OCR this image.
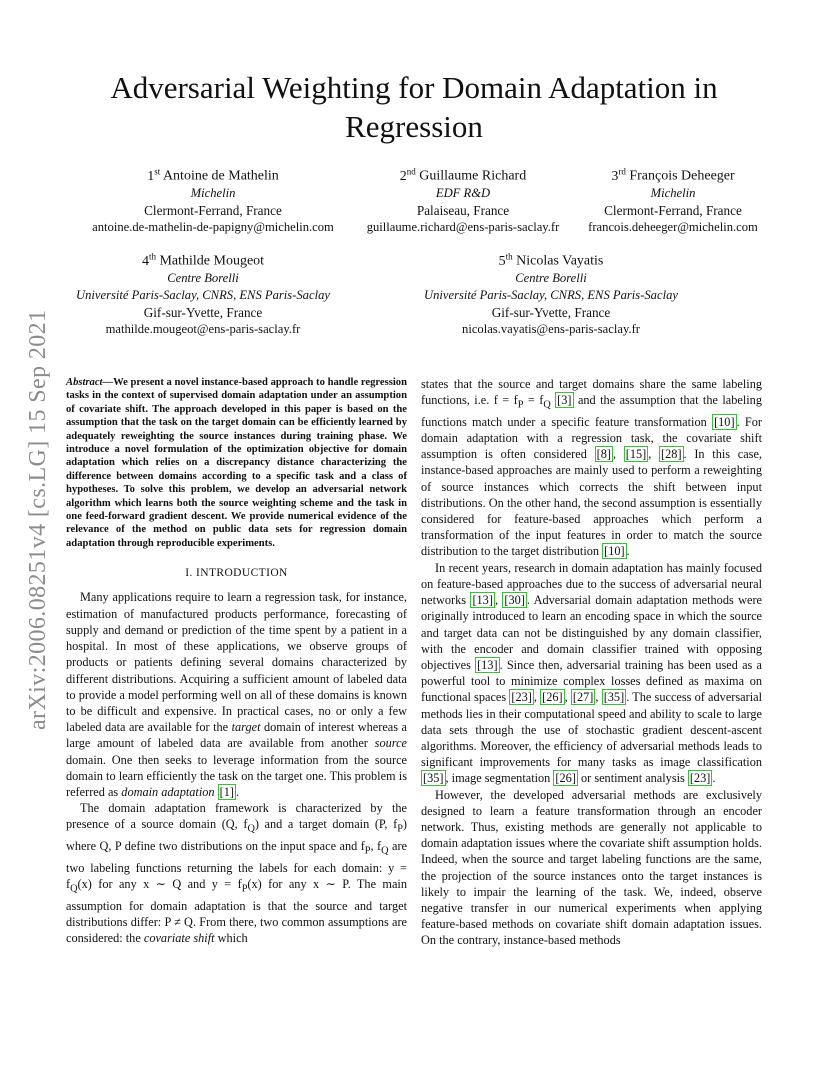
arXiv:2006.08251v4 [cs.LG] 15 Sep 2021
Adversarial Weighting for Domain Adaptation in Regression
1st Antoine de Mathelin
Michelin
Clermont-Ferrand, France
antoine.de-mathelin-de-papigny@michelin.com
2nd Guillaume Richard
EDF R&D
Palaiseau, France
guillaume.richard@ens-paris-saclay.fr
3rd François Deheeger
Michelin
Clermont-Ferrand, France
francois.deheeger@michelin.com
4th Mathilde Mougeot
Centre Borelli
Université Paris-Saclay, CNRS, ENS Paris-Saclay
Gif-sur-Yvette, France
mathilde.mougeot@ens-paris-saclay.fr
5th Nicolas Vayatis
Centre Borelli
Université Paris-Saclay, CNRS, ENS Paris-Saclay
Gif-sur-Yvette, France
nicolas.vayatis@ens-paris-saclay.fr

Abstract—We present a novel instance-based approach to handle regression tasks in the context of supervised domain adaptation under an assumption of covariate shift. The approach developed in this paper is based on the assumption that the task on the target domain can be efficiently learned by adequately reweighting the source instances during training phase. We introduce a novel formulation of the optimization objective for domain adaptation which relies on a discrepancy distance characterizing the difference between domains according to a specific task and a class of hypotheses. To solve this problem, we develop an adversarial network algorithm which learns both the source weighting scheme and the task in one feed-forward gradient descent. We provide numerical evidence of the relevance of the method on public data sets for regression domain adaptation through reproducible experiments.

I. INTRODUCTION

Many applications require to learn a regression task, for instance, estimation of manufactured products performance, forecasting of supply and demand or prediction of the time spent by a patient in a hospital. In most of these applications, we observe groups of products or patients defining several domains characterized by different distributions. Acquiring a sufficient amount of labeled data to provide a model performing well on all of these domains is known to be difficult and expensive. In practical cases, no or only a few labeled data are available for the target domain of interest whereas a large amount of labeled data are available from another source domain. One then seeks to leverage information from the source domain to learn efficiently the task on the target one. This problem is referred as domain adaptation [1] .

The domain adaptation framework is characterized by the presence of a source domain (Q, $f_Q$) and a target domain (P, $f_P$) where Q, P define two distributions on the input space and $f_P$, $f_Q$ are two labeling functions returning the labels for each domain: $y = f_Q(x)$ for any x ∼ Q and $y = f_P(x)$ for any x ∼ P. The main assumption for domain adaptation is that the source and target distributions differ: P ≠ Q. From there, two common assumptions are considered: the covariate shift which

states that the source and target domains share the same labeling functions, i.e. $f = f_P = f_Q$ [3] and the assumption that the labeling functions match under a specific feature transformation [10] . For domain adaptation with a regression task, the covariate shift assumption is often considered [8] , [15] , [28] . In this case, instance-based approaches are mainly used to perform a reweighting of source instances which corrects the shift between input distributions. On the other hand, the second assumption is essentially considered for feature-based approaches which perform a transformation of the input features in order to match the source distribution to the target distribution [10] .

In recent years, research in domain adaptation has mainly focused on feature-based approaches due to the success of adversarial neural networks [13] , [30] . Adversarial domain adaptation methods were originally introduced to learn an encoding space in which the source and target data can not be distinguished by any domain classifier, with the encoder and domain classifier trained with opposing objectives [13] . Since then, adversarial training has been used as a powerful tool to minimize complex losses defined as maxima on functional spaces [23] , [26] , [27] , [35] . The success of adversarial methods lies in their computational speed and ability to scale to large data sets through the use of stochastic gradient descent-ascent algorithms. Moreover, the efficiency of adversarial methods leads to significant improvements for many tasks as image classification [35] , image segmentation [26] or sentiment analysis [23] .

However, the developed adversarial methods are exclusively designed to learn a feature transformation through an encoder network. Thus, existing methods are generally not applicable to domain adaptation issues where the covariate shift assumption holds. Indeed, when the source and target labeling functions are the same, the projection of the source instances onto the target instances is likely to impair the learning of the task. We, indeed, observe negative transfer in our numerical experiments when applying feature-based methods on covariate shift domain adaptation issues. On the contrary, instance-based methods
